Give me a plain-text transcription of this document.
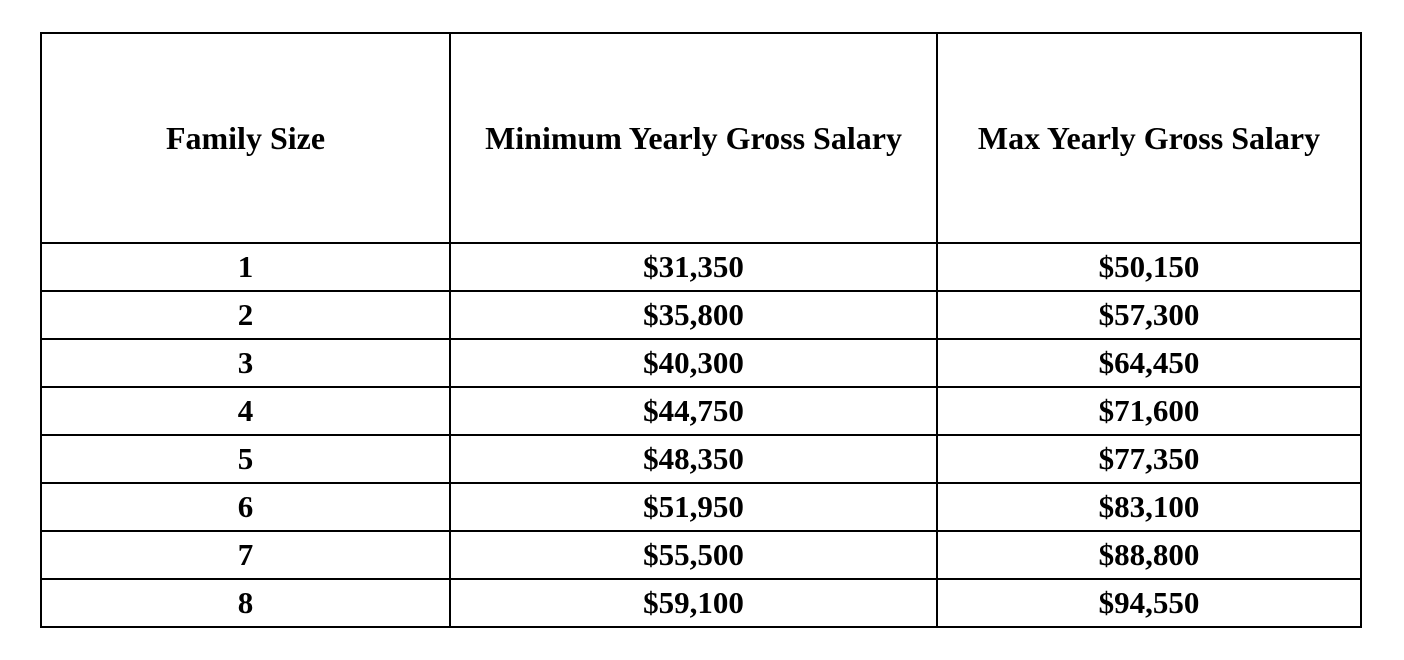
Family Size	Minimum Yearly Gross Salary	Max Yearly Gross Salary
1	$31,350	$50,150
2	$35,800	$57,300
3	$40,300	$64,450
4	$44,750	$71,600
5	$48,350	$77,350
6	$51,950	$83,100
7	$55,500	$88,800
8	$59,100	$94,550
